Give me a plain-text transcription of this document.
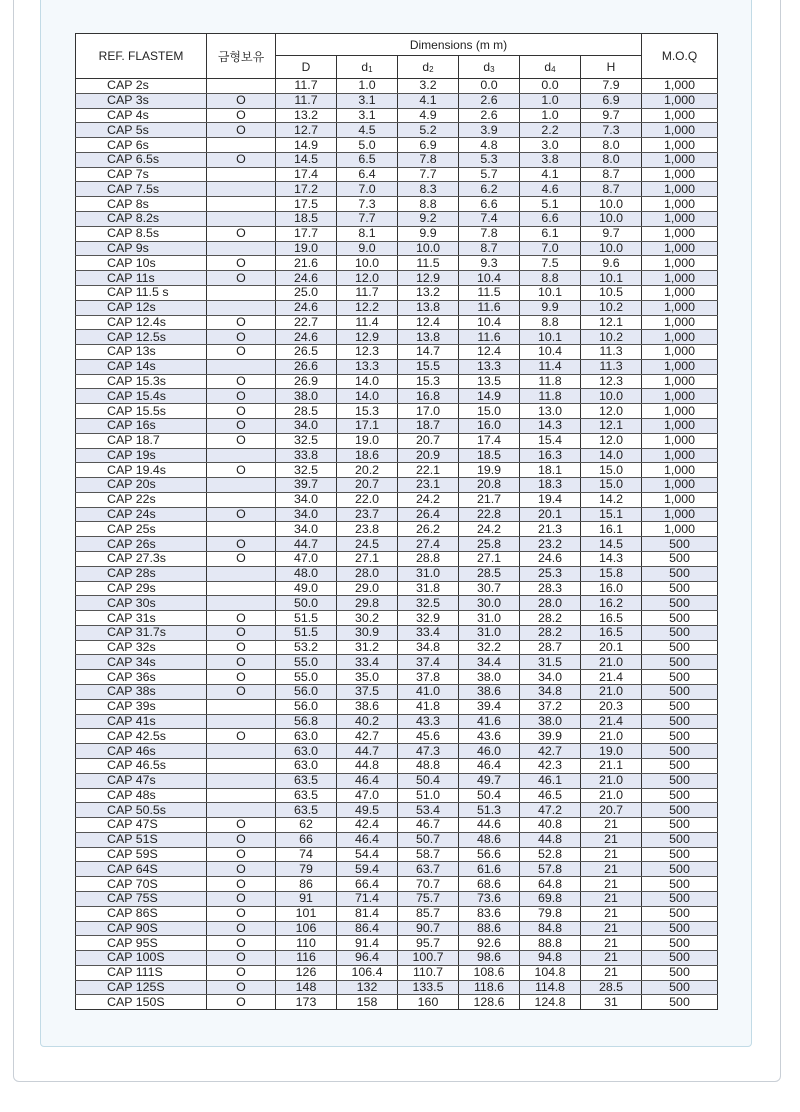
REF. FLASTEM	금형보유	Dimensions (m m)						M.O.Q
		D	$d_1$	$d_2$	$d_3$	$d_4$	H	
CAP 2s		11.7	1.0	3.2	0.0	0.0	7.9	1,000
CAP 3s	O	11.7	3.1	4.1	2.6	1.0	6.9	1,000
CAP 4s	O	13.2	3.1	4.9	2.6	1.0	9.7	1,000
CAP 5s	O	12.7	4.5	5.2	3.9	2.2	7.3	1,000
CAP 6s		14.9	5.0	6.9	4.8	3.0	8.0	1,000
CAP 6.5s	O	14.5	6.5	7.8	5.3	3.8	8.0	1,000
CAP 7s		17.4	6.4	7.7	5.7	4.1	8.7	1,000
CAP 7.5s		17.2	7.0	8.3	6.2	4.6	8.7	1,000
CAP 8s		17.5	7.3	8.8	6.6	5.1	10.0	1,000
CAP 8.2s		18.5	7.7	9.2	7.4	6.6	10.0	1,000
CAP 8.5s	O	17.7	8.1	9.9	7.8	6.1	9.7	1,000
CAP 9s		19.0	9.0	10.0	8.7	7.0	10.0	1,000
CAP 10s	O	21.6	10.0	11.5	9.3	7.5	9.6	1,000
CAP 11s	O	24.6	12.0	12.9	10.4	8.8	10.1	1,000
CAP 11.5 s		25.0	11.7	13.2	11.5	10.1	10.5	1,000
CAP 12s		24.6	12.2	13.8	11.6	9.9	10.2	1,000
CAP 12.4s	O	22.7	11.4	12.4	10.4	8.8	12.1	1,000
CAP 12.5s	O	24.6	12.9	13.8	11.6	10.1	10.2	1,000
CAP 13s	O	26.5	12.3	14.7	12.4	10.4	11.3	1,000
CAP 14s		26.6	13.3	15.5	13.3	11.4	11.3	1,000
CAP 15.3s	O	26.9	14.0	15.3	13.5	11.8	12.3	1,000
CAP 15.4s	O	38.0	14.0	16.8	14.9	11.8	10.0	1,000
CAP 15.5s	O	28.5	15.3	17.0	15.0	13.0	12.0	1,000
CAP 16s	O	34.0	17.1	18.7	16.0	14.3	12.1	1,000
CAP 18.7	O	32.5	19.0	20.7	17.4	15.4	12.0	1,000
CAP 19s		33.8	18.6	20.9	18.5	16.3	14.0	1,000
CAP 19.4s	O	32.5	20.2	22.1	19.9	18.1	15.0	1,000
CAP 20s		39.7	20.7	23.1	20.8	18.3	15.0	1,000
CAP 22s		34.0	22.0	24.2	21.7	19.4	14.2	1,000
CAP 24s	O	34.0	23.7	26.4	22.8	20.1	15.1	1,000
CAP 25s		34.0	23.8	26.2	24.2	21.3	16.1	1,000
CAP 26s	O	44.7	24.5	27.4	25.8	23.2	14.5	500
CAP 27.3s	O	47.0	27.1	28.8	27.1	24.6	14.3	500
CAP 28s		48.0	28.0	31.0	28.5	25.3	15.8	500
CAP 29s		49.0	29.0	31.8	30.7	28.3	16.0	500
CAP 30s		50.0	29.8	32.5	30.0	28.0	16.2	500
CAP 31s	O	51.5	30.2	32.9	31.0	28.2	16.5	500
CAP 31.7s	O	51.5	30.9	33.4	31.0	28.2	16.5	500
CAP 32s	O	53.2	31.2	34.8	32.2	28.7	20.1	500
CAP 34s	O	55.0	33.4	37.4	34.4	31.5	21.0	500
CAP 36s	O	55.0	35.0	37.8	38.0	34.0	21.4	500
CAP 38s	O	56.0	37.5	41.0	38.6	34.8	21.0	500
CAP 39s		56.0	38.6	41.8	39.4	37.2	20.3	500
CAP 41s		56.8	40.2	43.3	41.6	38.0	21.4	500
CAP 42.5s	O	63.0	42.7	45.6	43.6	39.9	21.0	500
CAP 46s		63.0	44.7	47.3	46.0	42.7	19.0	500
CAP 46.5s		63.0	44.8	48.8	46.4	42.3	21.1	500
CAP 47s		63.5	46.4	50.4	49.7	46.1	21.0	500
CAP 48s		63.5	47.0	51.0	50.4	46.5	21.0	500
CAP 50.5s		63.5	49.5	53.4	51.3	47.2	20.7	500
CAP 47S	O	62	42.4	46.7	44.6	40.8	21	500
CAP 51S	O	66	46.4	50.7	48.6	44.8	21	500
CAP 59S	O	74	54.4	58.7	56.6	52.8	21	500
CAP 64S	O	79	59.4	63.7	61.6	57.8	21	500
CAP 70S	O	86	66.4	70.7	68.6	64.8	21	500
CAP 75S	O	91	71.4	75.7	73.6	69.8	21	500
CAP 86S	O	101	81.4	85.7	83.6	79.8	21	500
CAP 90S	O	106	86.4	90.7	88.6	84.8	21	500
CAP 95S	O	110	91.4	95.7	92.6	88.8	21	500
CAP 100S	O	116	96.4	100.7	98.6	94.8	21	500
CAP 111S	O	126	106.4	110.7	108.6	104.8	21	500
CAP 125S	O	148	132	133.5	118.6	114.8	28.5	500
CAP 150S	O	173	158	160	128.6	124.8	31	500
